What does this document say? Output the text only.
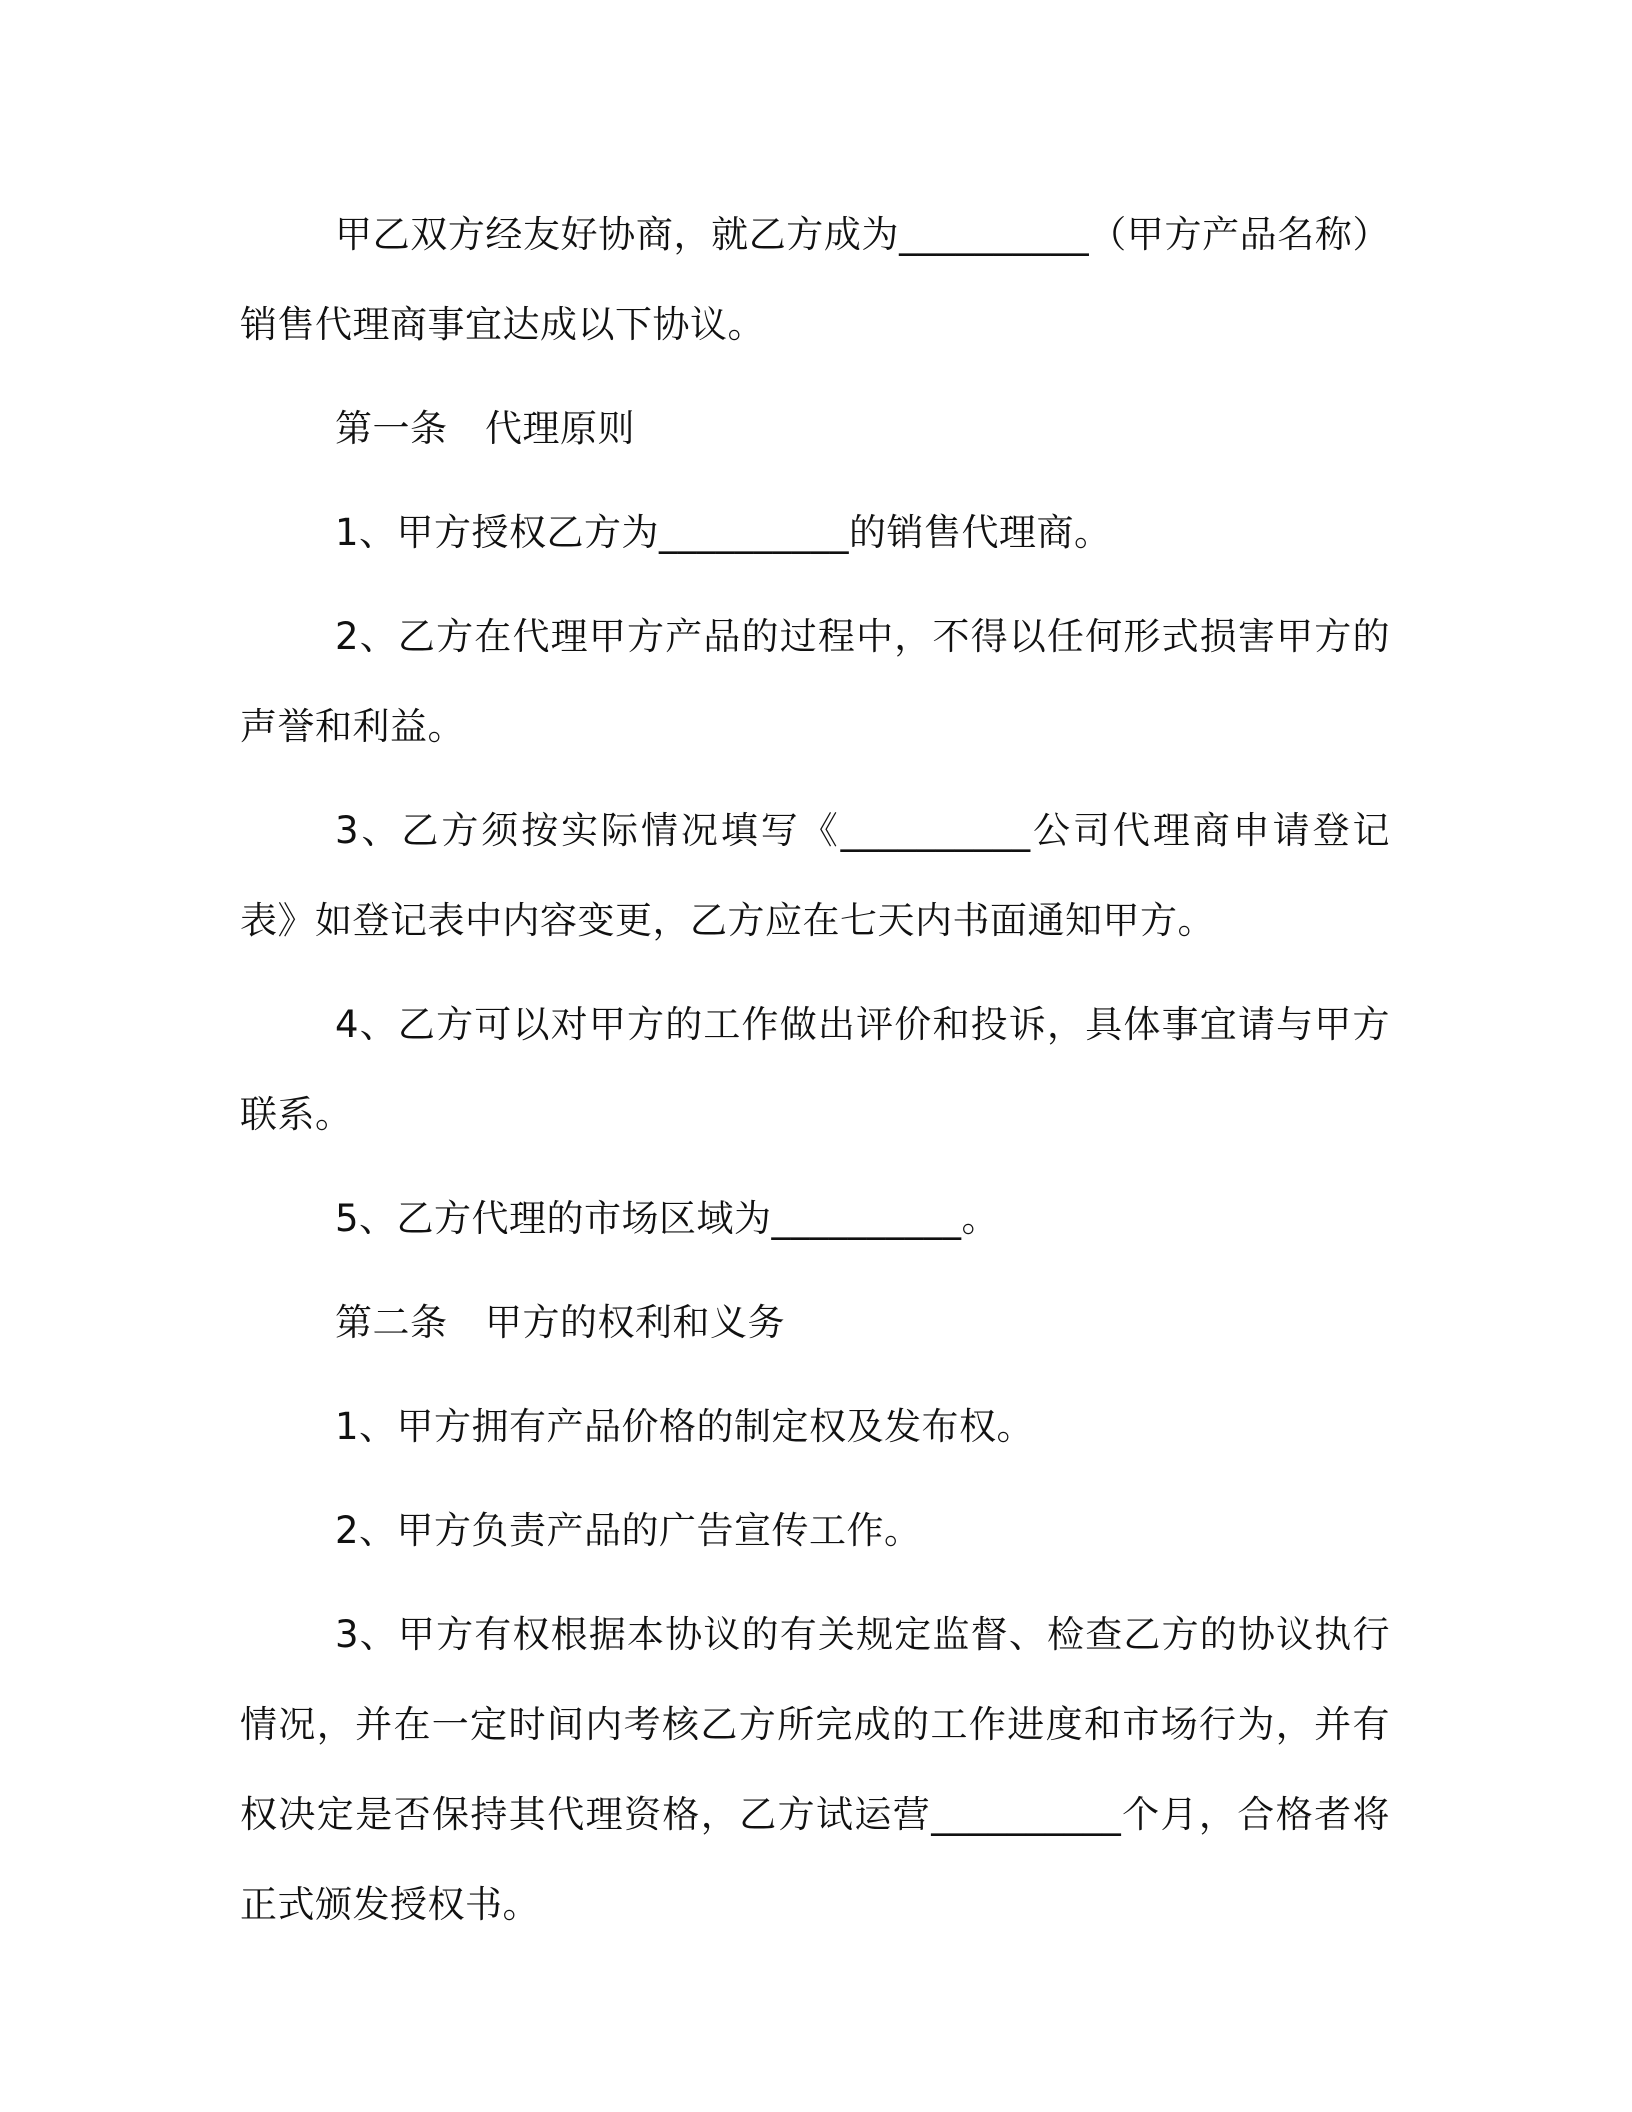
甲乙双方经友好协商，就乙方成为__________（甲方产品名称）销售代理商事宜达成以下协议。

第一条　代理原则

1、甲方授权乙方为__________的销售代理商。

2、乙方在代理甲方产品的过程中，不得以任何形式损害甲方的声誉和利益。

3、乙方须按实际情况填写《__________公司代理商申请登记表》如登记表中内容变更，乙方应在七天内书面通知甲方。

4、乙方可以对甲方的工作做出评价和投诉，具体事宜请与甲方联系。

5、乙方代理的市场区域为__________。

第二条　甲方的权利和义务

1、甲方拥有产品价格的制定权及发布权。

2、甲方负责产品的广告宣传工作。

3、甲方有权根据本协议的有关规定监督、检查乙方的协议执行情况，并在一定时间内考核乙方所完成的工作进度和市场行为，并有权决定是否保持其代理资格，乙方试运营__________个月，合格者将正式颁发授权书。
